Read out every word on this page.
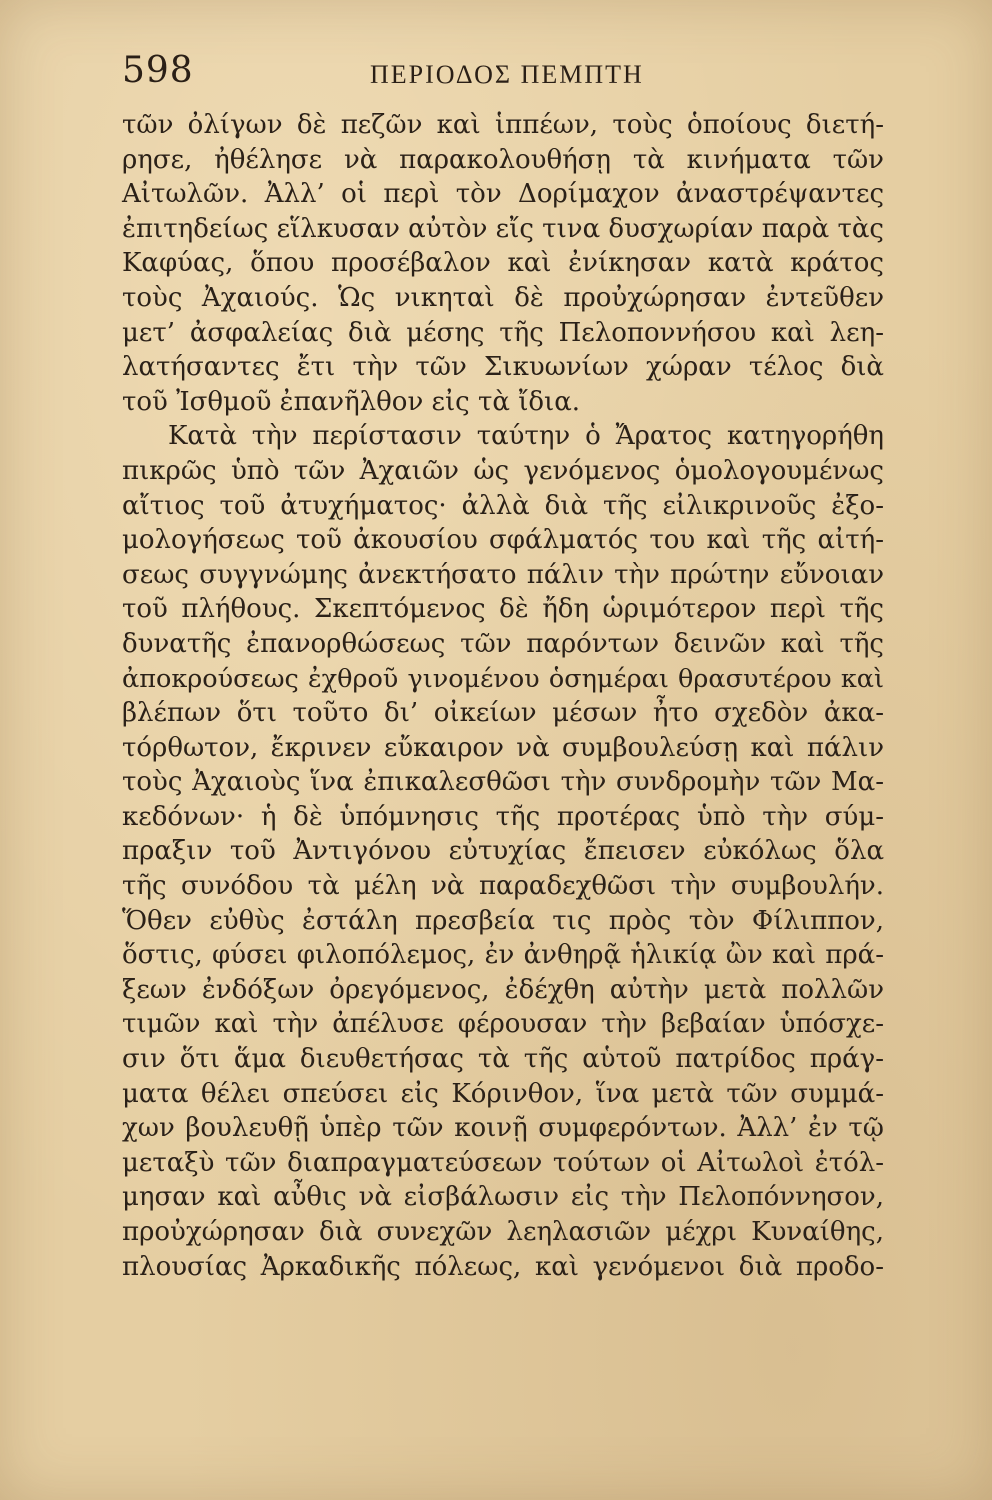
598	ΠΕΡΙΟΔΟΣ ΠΕΜΠΤΗ
τῶν ὀλίγων δὲ πεζῶν καὶ ἱππέων, τοὺς ὁποίους διετή-
ρησε, ἠθέλησε νὰ παρακολουθήσῃ τὰ κινήματα τῶν
Αἰτωλῶν. Ἀλλ’ οἱ περὶ τὸν Δορίμαχον ἀναστρέψαντες
ἐπιτηδείως εἵλκυσαν αὐτὸν εἴς τινα δυσχωρίαν παρὰ τὰς
Καφύας, ὅπου προσέβαλον καὶ ἐνίκησαν κατὰ κράτος
τοὺς Ἀχαιούς. Ὡς νικηταὶ δὲ προὐχώρησαν ἐντεῦθεν
μετ’ ἀσφαλείας διὰ μέσης τῆς Πελοποννήσου καὶ λεη-
λατήσαντες ἔτι τὴν τῶν Σικυωνίων χώραν τέλος διὰ
τοῦ Ἰσθμοῦ ἐπανῆλθον εἰς τὰ ἴδια.
Κατὰ τὴν περίστασιν ταύτην ὁ Ἄρατος κατηγορήθη
πικρῶς ὑπὸ τῶν Ἀχαιῶν ὡς γενόμενος ὁμολογουμένως
αἴτιος τοῦ ἀτυχήματος· ἀλλὰ διὰ τῆς εἰλικρινοῦς ἐξο-
μολογήσεως τοῦ ἀκουσίου σφάλματός του καὶ τῆς αἰτή-
σεως συγγνώμης ἀνεκτήσατο πάλιν τὴν πρώτην εὔνοιαν
τοῦ πλήθους. Σκεπτόμενος δὲ ἤδη ὡριμότερον περὶ τῆς
δυνατῆς ἐπανορθώσεως τῶν παρόντων δεινῶν καὶ τῆς
ἀποκρούσεως ἐχθροῦ γινομένου ὁσημέραι θρασυτέρου καὶ
βλέπων ὅτι τοῦτο δι’ οἰκείων μέσων ἦτο σχεδὸν ἀκα-
τόρθωτον, ἔκρινεν εὔκαιρον νὰ συμβουλεύσῃ καὶ πάλιν
τοὺς Ἀχαιοὺς ἵνα ἐπικαλεσθῶσι τὴν συνδρομὴν τῶν Μα-
κεδόνων· ἡ δὲ ὑπόμνησις τῆς προτέρας ὑπὸ τὴν σύμ-
πραξιν τοῦ Ἀντιγόνου εὐτυχίας ἔπεισεν εὐκόλως ὅλα
τῆς συνόδου τὰ μέλη νὰ παραδεχθῶσι τὴν συμβουλήν.
Ὅθεν εὐθὺς ἐστάλη πρεσβεία τις πρὸς τὸν Φίλιππον,
ὅστις, φύσει φιλοπόλεμος, ἐν ἀνθηρᾷ ἡλικίᾳ ὢν καὶ πρά-
ξεων ἐνδόξων ὀρεγόμενος, ἐδέχθη αὐτὴν μετὰ πολλῶν
τιμῶν καὶ τὴν ἀπέλυσε φέρουσαν τὴν βεβαίαν ὑπόσχε-
σιν ὅτι ἅμα διευθετήσας τὰ τῆς αὑτοῦ πατρίδος πράγ-
ματα θέλει σπεύσει εἰς Κόρινθον, ἵνα μετὰ τῶν συμμά-
χων βουλευθῇ ὑπὲρ τῶν κοινῇ συμφερόντων. Ἀλλ’ ἐν τῷ
μεταξὺ τῶν διαπραγματεύσεων τούτων οἱ Αἰτωλοὶ ἐτόλ-
μησαν καὶ αὖθις νὰ εἰσβάλωσιν εἰς τὴν Πελοπόννησον,
προὐχώρησαν διὰ συνεχῶν λεηλασιῶν μέχρι Κυναίθης,
πλουσίας Ἀρκαδικῆς πόλεως, καὶ γενόμενοι διὰ προδο-
